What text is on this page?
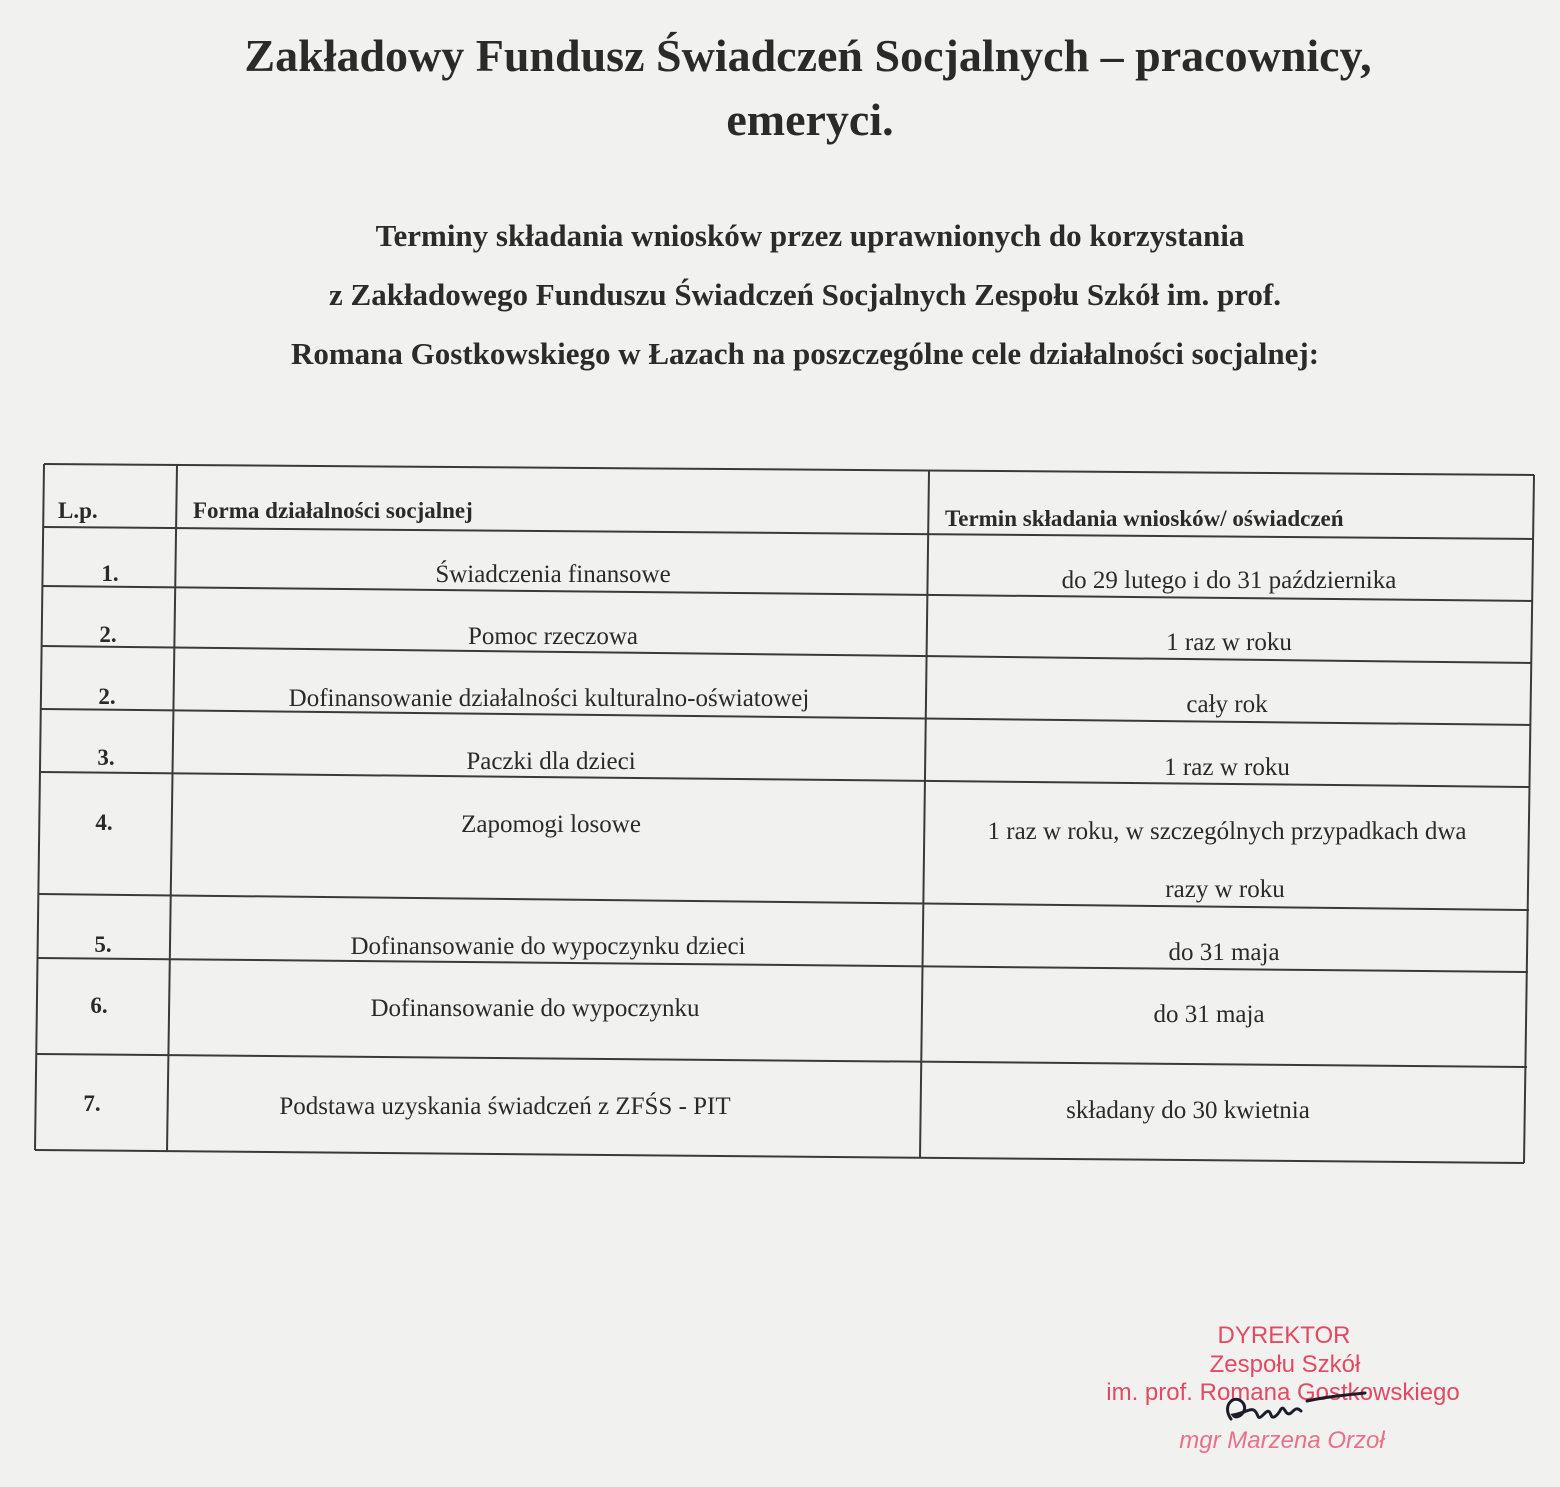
Zakładowy Fundusz Świadczeń Socjalnych – pracownicy,
emeryci.

Terminy składania wniosków przez uprawnionych do korzystania

z Zakładowego Funduszu Świadczeń Socjalnych Zespołu Szkół im. prof.

Romana Gostkowskiego w Łazach na poszczególne cele działalności socjalnej:

L.p.	Forma działalności socjalnej	Termin składania wniosków/ oświadczeń
1.	Świadczenia finansowe	do 29 lutego i do 31 października
2.	Pomoc rzeczowa	1 raz w roku
2.	Dofinansowanie działalności kulturalno-oświatowej	cały rok
3.	Paczki dla dzieci	1 raz w roku
4.	Zapomogi losowe	1 raz w roku, w szczególnych przypadkach dwa
razy w roku
5.	Dofinansowanie do wypoczynku dzieci	do 31 maja
6.	Dofinansowanie do wypoczynku	do 31 maja
7.	Podstawa uzyskania świadczeń z ZFŚS - PIT	składany do 30 kwietnia
DYREKTOR
Zespołu Szkół
im. prof. Romana Gostkowskiego
mgr Marzena Orzoł
